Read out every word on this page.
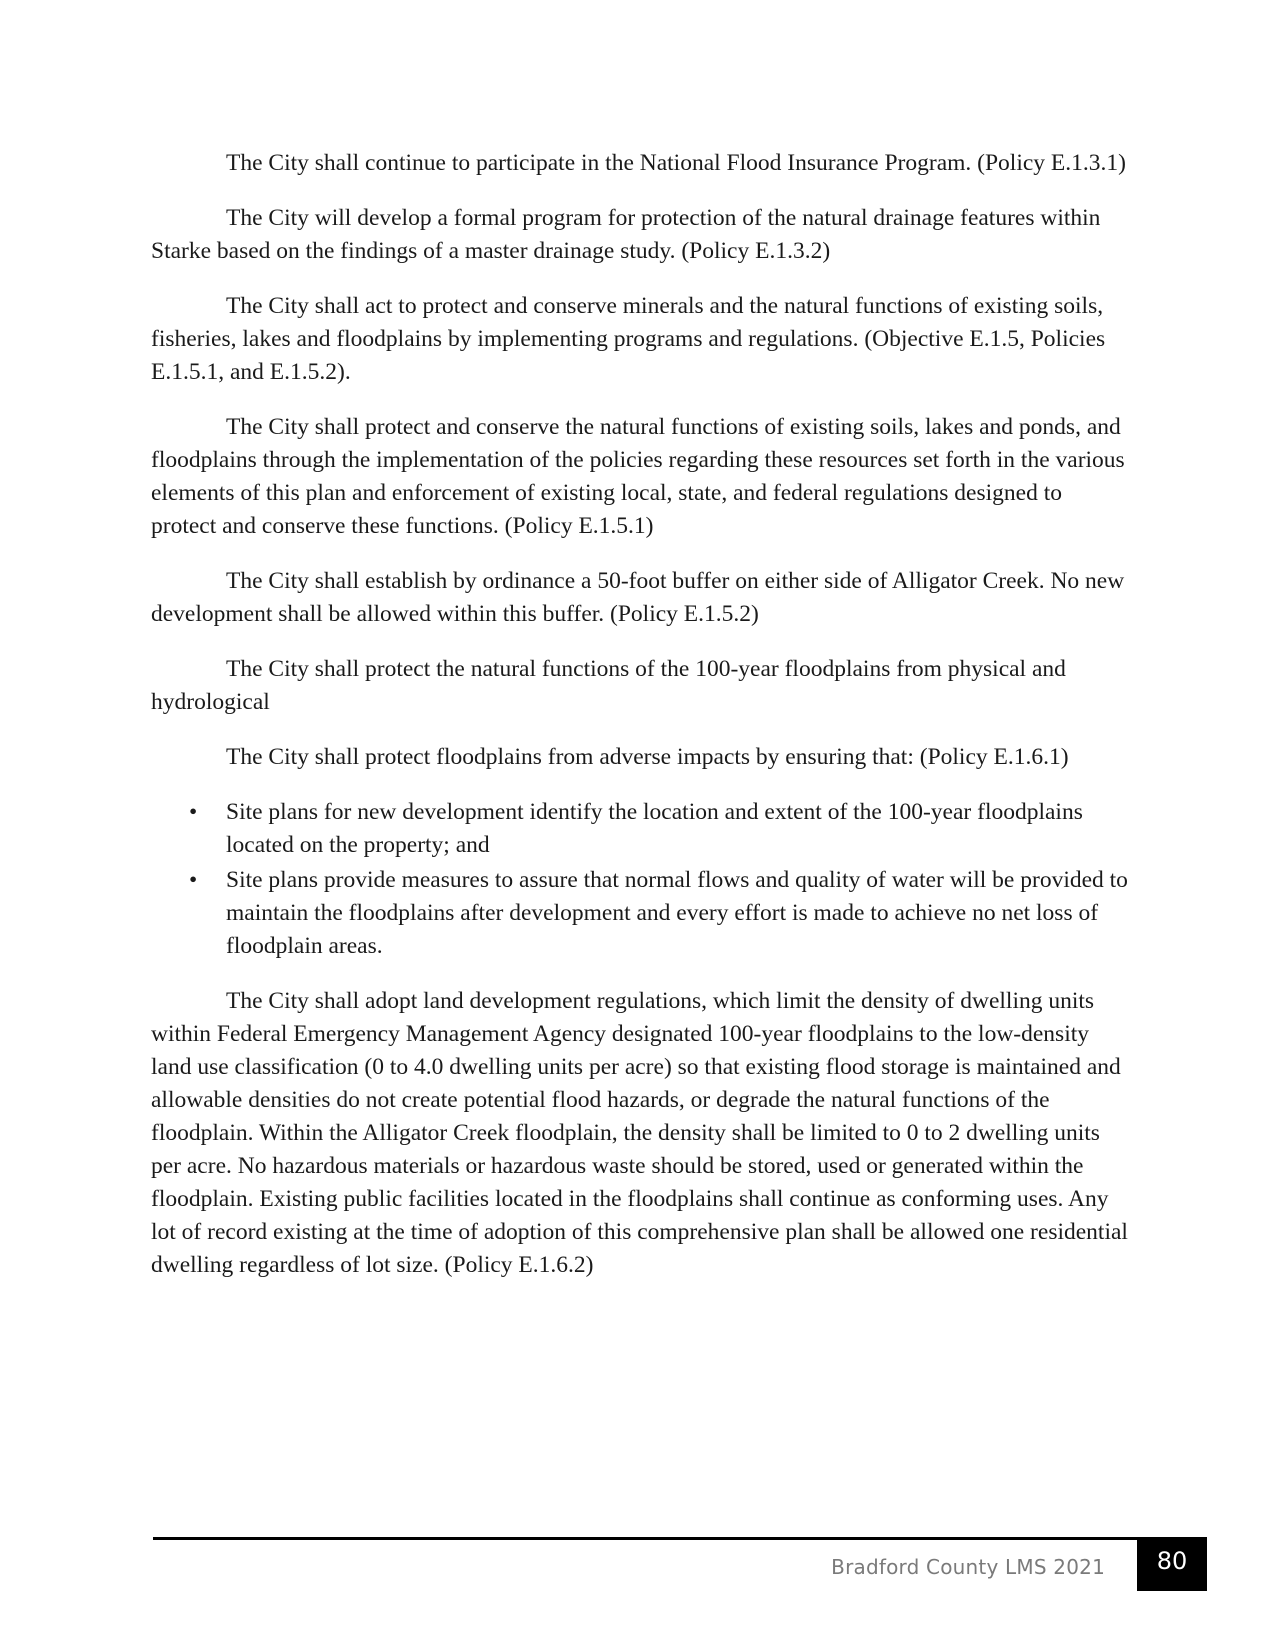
The City shall continue to participate in the National Flood Insurance Program. (Policy E.1.3.1)

The City will develop a formal program for protection of the natural drainage features within Starke based on the findings of a master drainage study. (Policy E.1.3.2)

The City shall act to protect and conserve minerals and the natural functions of existing soils, fisheries, lakes and floodplains by implementing programs and regulations. (Objective E.1.5, Policies E.1.5.1, and E.1.5.2).

The City shall protect and conserve the natural functions of existing soils, lakes and ponds, and floodplains through the implementation of the policies regarding these resources set forth in the various elements of this plan and enforcement of existing local, state, and federal regulations designed to protect and conserve these functions. (Policy E.1.5.1)

The City shall establish by ordinance a 50-foot buffer on either side of Alligator Creek. No new development shall be allowed within this buffer. (Policy E.1.5.2)

The City shall protect the natural functions of the 100-year floodplains from physical and hydrological

The City shall protect floodplains from adverse impacts by ensuring that: (Policy E.1.6.1)

• Site plans for new development identify the location and extent of the 100-year floodplains located on the property; and
• Site plans provide measures to assure that normal flows and quality of water will be provided to maintain the floodplains after development and every effort is made to achieve no net loss of floodplain areas.

The City shall adopt land development regulations, which limit the density of dwelling units within Federal Emergency Management Agency designated 100-year floodplains to the low-density land use classification (0 to 4.0 dwelling units per acre) so that existing flood storage is maintained and allowable densities do not create potential flood hazards, or degrade the natural functions of the floodplain. Within the Alligator Creek floodplain, the density shall be limited to 0 to 2 dwelling units per acre. No hazardous materials or hazardous waste should be stored, used or generated within the floodplain. Existing public facilities located in the floodplains shall continue as conforming uses. Any lot of record existing at the time of adoption of this comprehensive plan shall be allowed one residential dwelling regardless of lot size. (Policy E.1.6.2)

Bradford County LMS 2021	80
